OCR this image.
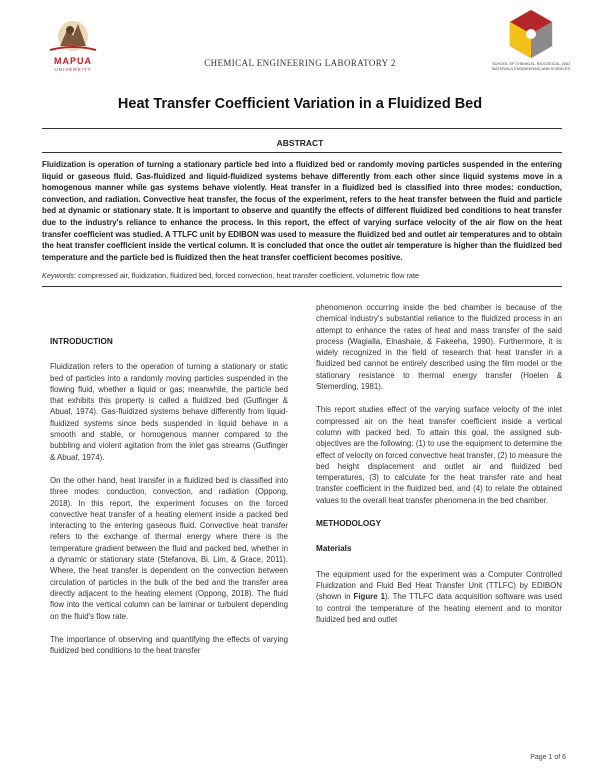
MAPUA
UNIVERSITY
SCHOOL OF CHEMICAL, BIOLOGICAL, AND MATERIALS ENGINEERING AND SCIENCES
CHEMICAL ENGINEERING LABORATORY 2
Heat Transfer Coefficient Variation in a Fluidized Bed
ABSTRACT
Fluidization is operation of turning a stationary particle bed into a fluidized bed or randomly moving particles suspended in the entering liquid or gaseous fluid. Gas-fluidized and liquid-fluidized systems behave differently from each other since liquid systems move in a homogenous manner while gas systems behave violently. Heat transfer in a fluidized bed is classified into three modes: conduction, convection, and radiation. Convective heat transfer, the focus of the experiment, refers to the heat transfer between the fluid and particle bed at dynamic or stationary state. It is important to observe and quantify the effects of different fluidized bed conditions to heat transfer due to the industry's reliance to enhance the process. In this report, the effect of varying surface velocity of the air flow on the heat transfer coefficient was studied. A TTLFC unit by EDIBON was used to measure the fluidized bed and outlet air temperatures and to obtain the heat transfer coefficient inside the vertical column. It is concluded that once the outlet air temperature is higher than the fluidized bed temperature and the particle bed is fluidized then the heat transfer coefficient becomes positive.
Keywords: compressed air, fluidization, fluidized bed, forced convection, heat transfer coefficient, volumetric flow rate
INTRODUCTION

Fluidization refers to the operation of turning a stationary or static bed of particles into a randomly moving particles suspended in the flowing fluid, whether a liquid or gas; meanwhile, the particle bed that exhibits this property is called a fluidized bed (Gutfinger & Abuaf, 1974). Gas-fluidized systems behave differently from liquid-fluidized systems since beds suspended in liquid behave in a smooth and stable, or homogenous manner compared to the bubbling and violent agitation from the inlet gas streams (Gutfinger & Abuaf, 1974).

On the other hand, heat transfer in a fluidized bed is classified into three modes: conduction, convection, and radiation (Oppong, 2018). In this report, the experiment focuses on the forced convective heat transfer of a heating element inside a packed bed interacting to the entering gaseous fluid. Convective heat transfer refers to the exchange of thermal energy where there is the temperature gradient between the fluid and packed bed, whether in a dynamic or stationary state (Stefanova, Bi, Lim, & Grace, 2011). Where, the heat transfer is dependent on the convection between circulation of particles in the bulk of the bed and the transfer area directly adjacent to the heating element (Oppong, 2018). The fluid flow into the vertical column can be laminar or turbulent depending on the fluid's flow rate.

The importance of observing and quantifying the effects of varying fluidized bed conditions to the heat transfer

phenomenon occurring inside the bed chamber is because of the chemical industry's substantial reliance to the fluidized process in an attempt to enhance the rates of heat and mass transfer of the said process (Wagialla, Elnashaie, & Fakeeha, 1990). Furthermore, it is widely recognized in the field of research that heat transfer in a fluidized bed cannot be entirely described using the film model or the stationary resistance to thermal energy transfer (Hoelen & Stemerding, 1981).

This report studies effect of the varying surface velocity of the inlet compressed air on the heat transfer coefficient inside a vertical column with packed bed. To attain this goal, the assigned sub-objectives are the following: (1) to use the equipment to determine the effect of velocity on forced convective heat transfer, (2) to measure the bed height displacement and outlet air and fluidized bed temperatures, (3) to calculate for the heat transfer rate and heat transfer coefficient in the fluidized bed, and (4) to relate the obtained values to the overall heat transfer phenomena in the bed chamber.

METHODOLOGY
Materials

The equipment used for the experiment was a Computer Controlled Fluidization and Fluid Bed Heat Transfer Unit (TTLFC) by EDIBON (shown in Figure 1). The TTLFC data acquisition software was used to control the temperature of the heating element and to monitor fluidized bed and outlet

Page 1 of 6
